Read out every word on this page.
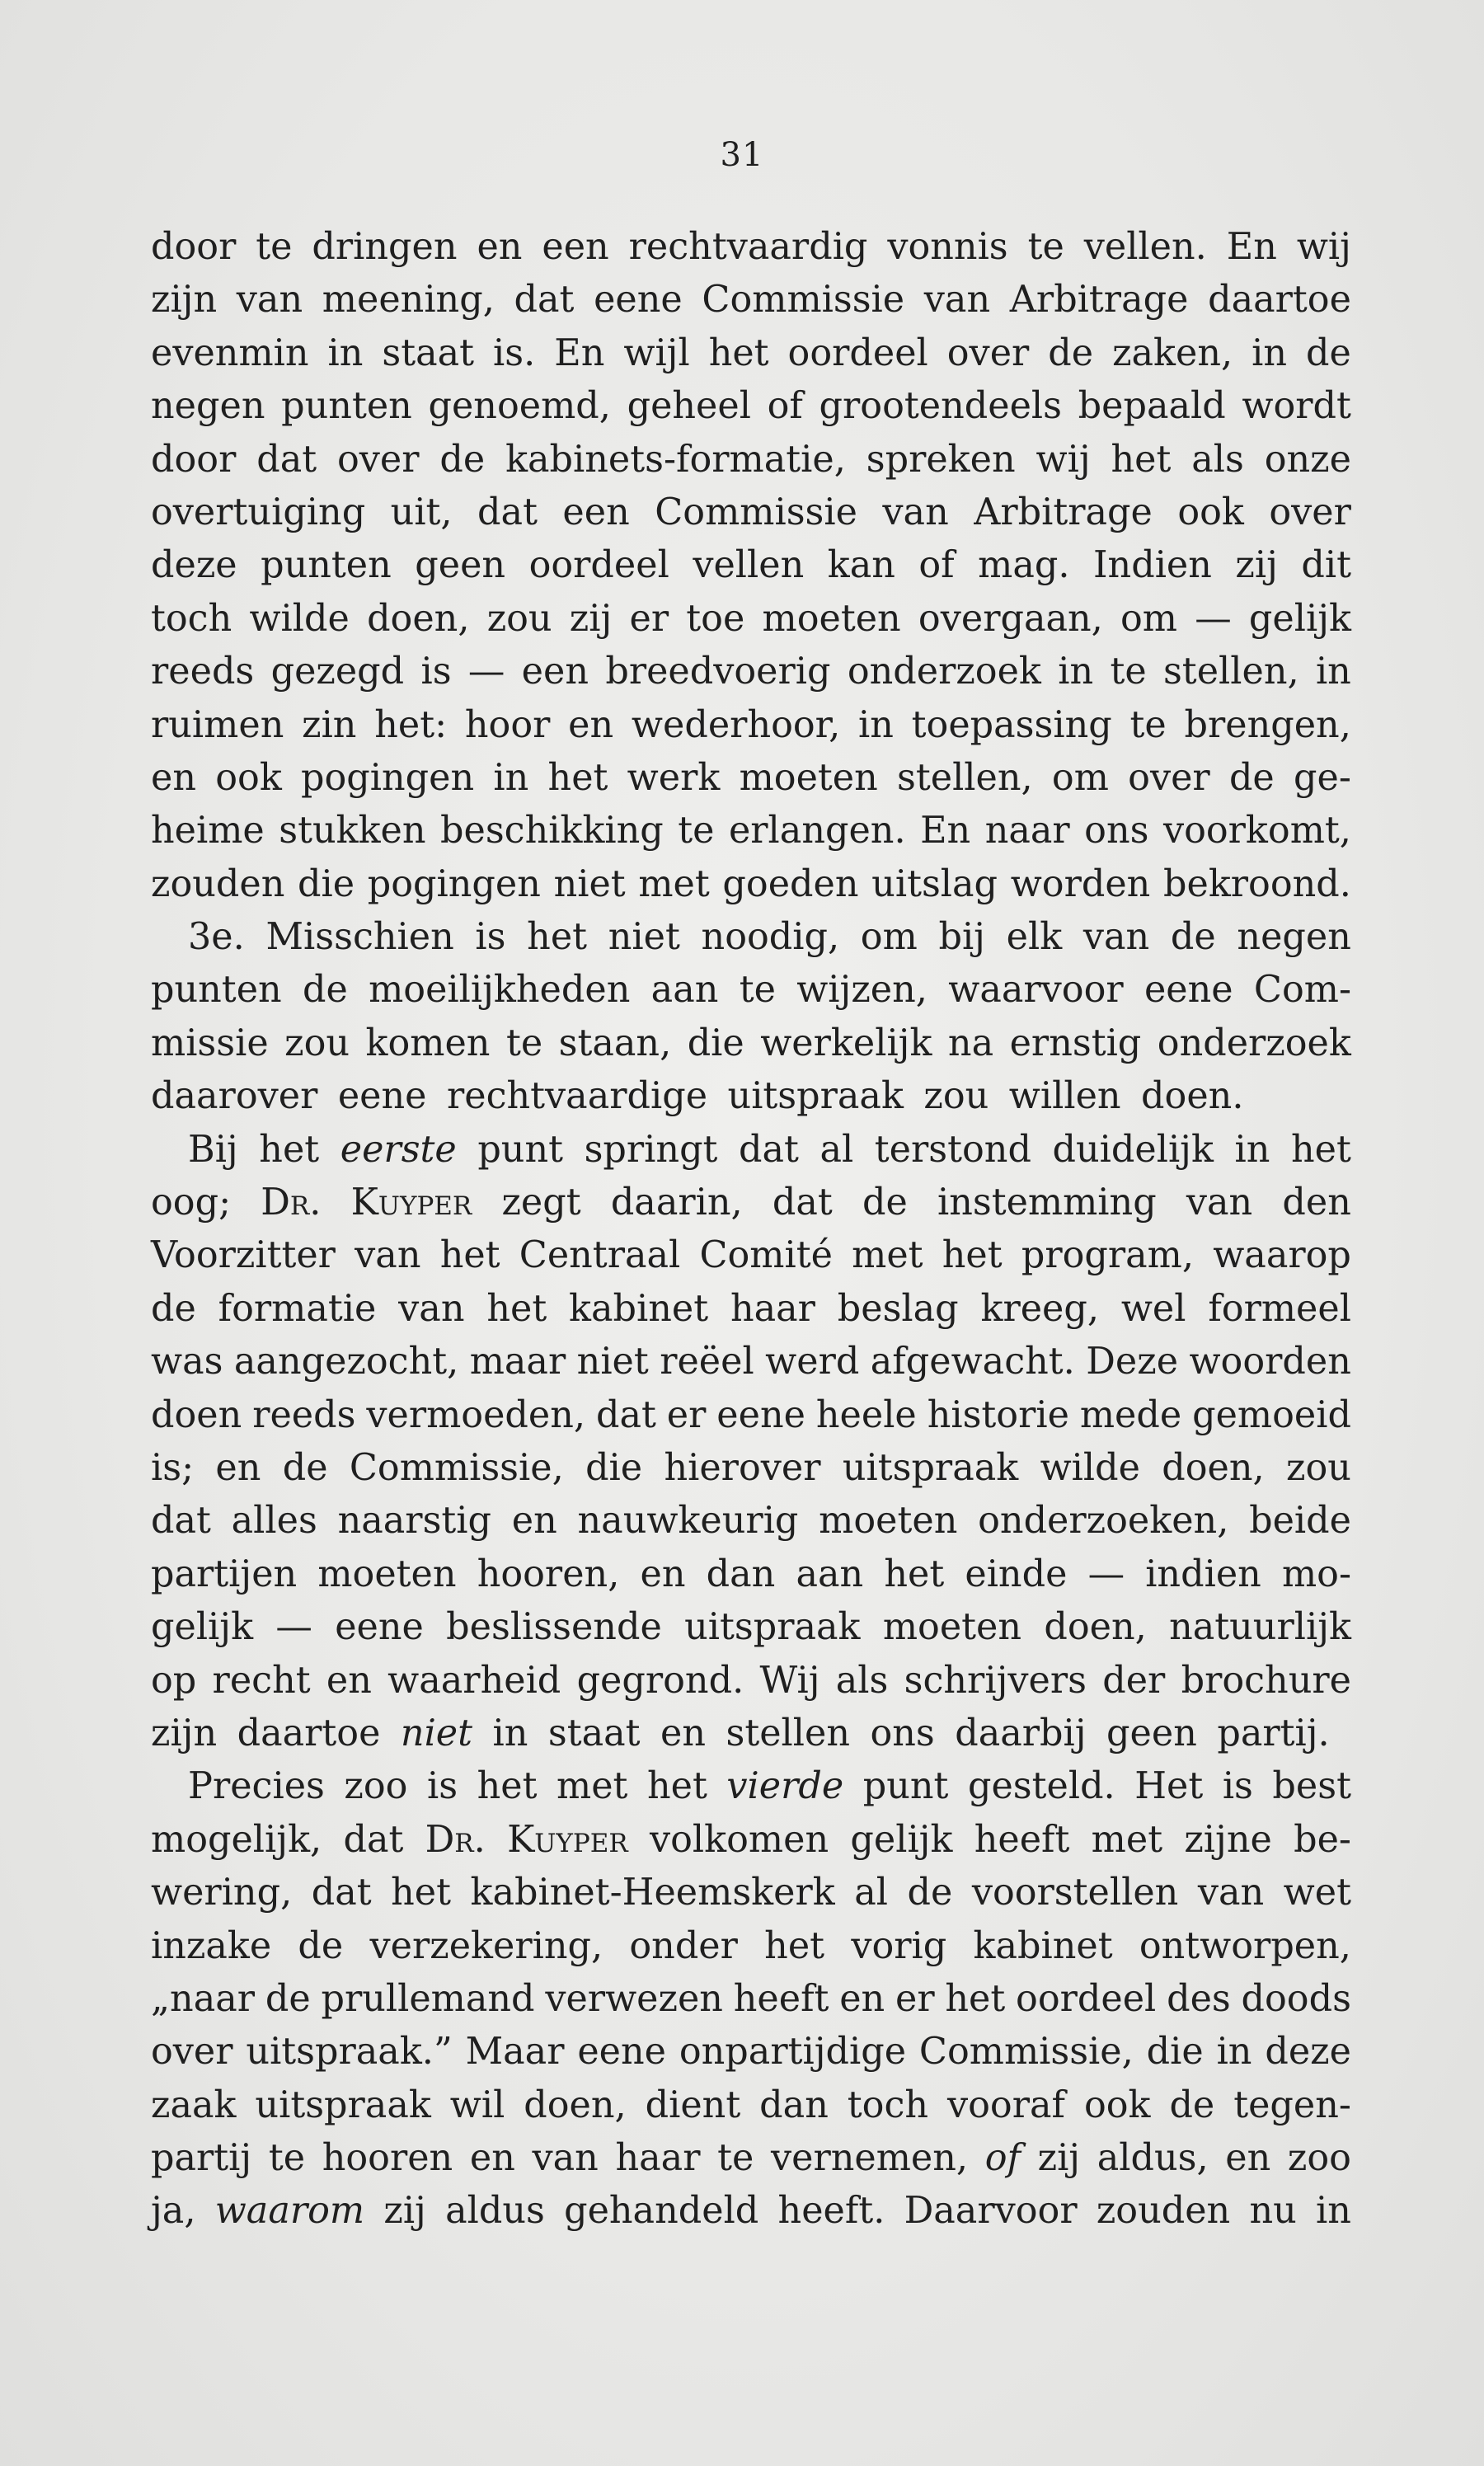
31
door te dringen en een rechtvaardig vonnis te vellen. En wij
zijn van meening, dat eene Commissie van Arbitrage daartoe
evenmin in staat is. En wijl het oordeel over de zaken, in de
negen punten genoemd, geheel of grootendeels bepaald wordt
door dat over de kabinets-formatie, spreken wij het als onze
overtuiging uit, dat een Commissie van Arbitrage ook over
deze punten geen oordeel vellen kan of mag. Indien zij dit
toch wilde doen, zou zij er toe moeten overgaan, om — gelijk
reeds gezegd is — een breedvoerig onderzoek in te stellen, in
ruimen zin het: hoor en wederhoor, in toepassing te brengen,
en ook pogingen in het werk moeten stellen, om over de ge-
heime stukken beschikking te erlangen. En naar ons voorkomt,
zouden die pogingen niet met goeden uitslag worden bekroond.
3e. Misschien is het niet noodig, om bij elk van de negen
punten de moeilijkheden aan te wijzen, waarvoor eene Com-
missie zou komen te staan, die werkelijk na ernstig onderzoek
daarover eene rechtvaardige uitspraak zou willen doen.
Bij het eerste punt springt dat al terstond duidelijk in het
oog; Dr. Kuyper zegt daarin, dat de instemming van den
Voorzitter van het Centraal Comité met het program, waarop
de formatie van het kabinet haar beslag kreeg, wel formeel
was aangezocht, maar niet reëel werd afgewacht. Deze woorden
doen reeds vermoeden, dat er eene heele historie mede gemoeid
is; en de Commissie, die hierover uitspraak wilde doen, zou
dat alles naarstig en nauwkeurig moeten onderzoeken, beide
partijen moeten hooren, en dan aan het einde — indien mo-
gelijk — eene beslissende uitspraak moeten doen, natuurlijk
op recht en waarheid gegrond. Wij als schrijvers der brochure
zijn daartoe niet in staat en stellen ons daarbij geen partij.
Precies zoo is het met het vierde punt gesteld. Het is best
mogelijk, dat Dr. Kuyper volkomen gelijk heeft met zijne be-
wering, dat het kabinet-Heemskerk al de voorstellen van wet
inzake de verzekering, onder het vorig kabinet ontworpen,
„naar de prullemand verwezen heeft en er het oordeel des doods
over uitspraak.” Maar eene onpartijdige Commissie, die in deze
zaak uitspraak wil doen, dient dan toch vooraf ook de tegen-
partij te hooren en van haar te vernemen, of zij aldus, en zoo
ja, waarom zij aldus gehandeld heeft. Daarvoor zouden nu in
